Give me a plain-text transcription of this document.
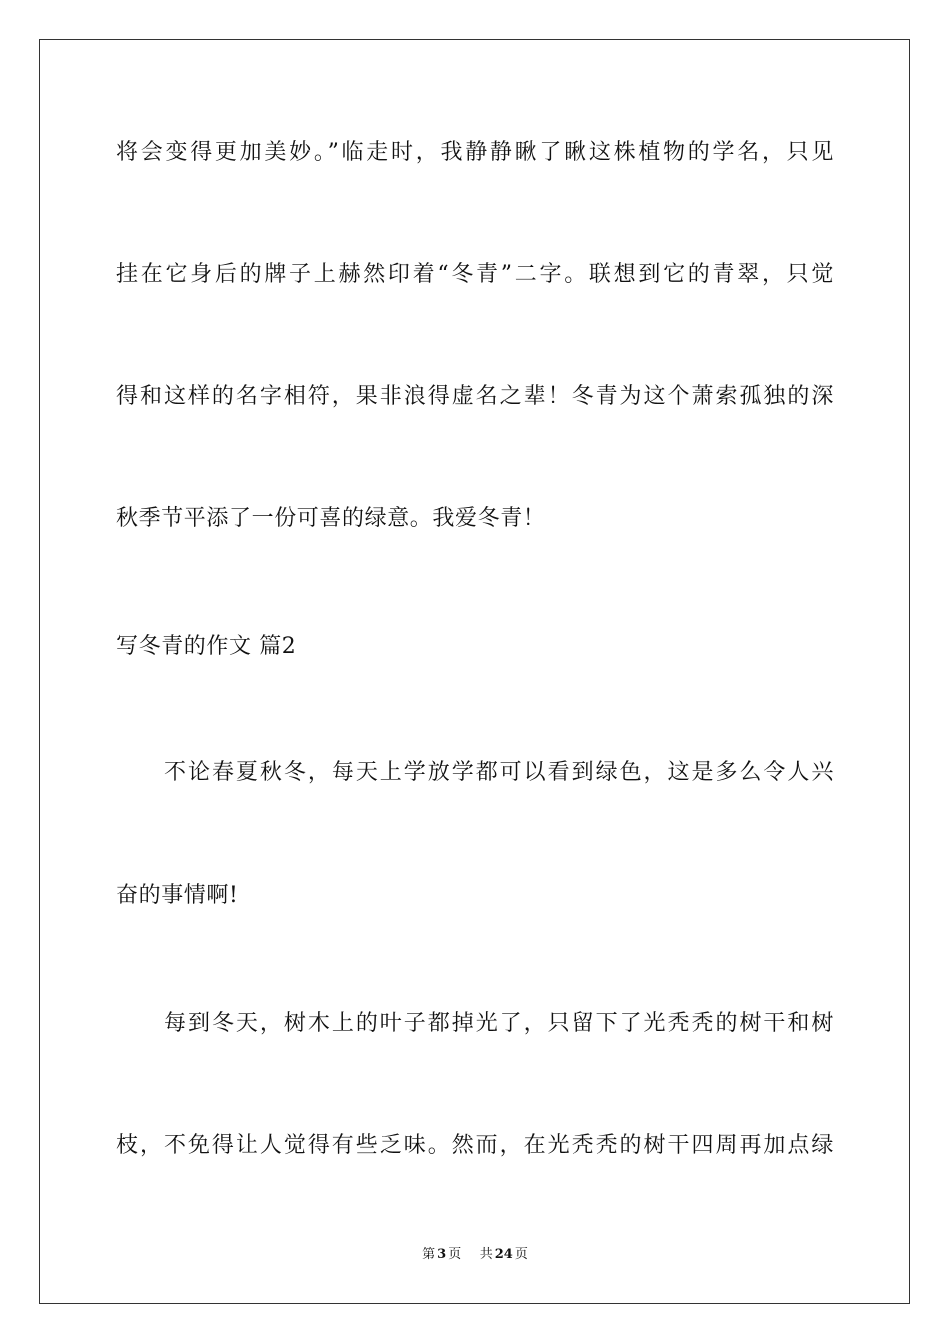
将会变得更加美妙。”临走时，我静静瞅了瞅这株植物的学名，只见
挂在它身后的牌子上赫然印着“冬青”二字。联想到它的青翠，只觉
得和这样的名字相符，果非浪得虚名之辈！冬青为这个萧索孤独的深
秋季节平添了一份可喜的绿意。我爱冬青！
写冬青的作文 篇2
不论春夏秋冬，每天上学放学都可以看到绿色，这是多么令人兴
奋的事情啊!
每到冬天，树木上的叶子都掉光了，只留下了光秃秃的树干和树
枝，不免得让人觉得有些乏味。然而，在光秃秃的树干四周再加点绿
第 3 页 共 24 页
